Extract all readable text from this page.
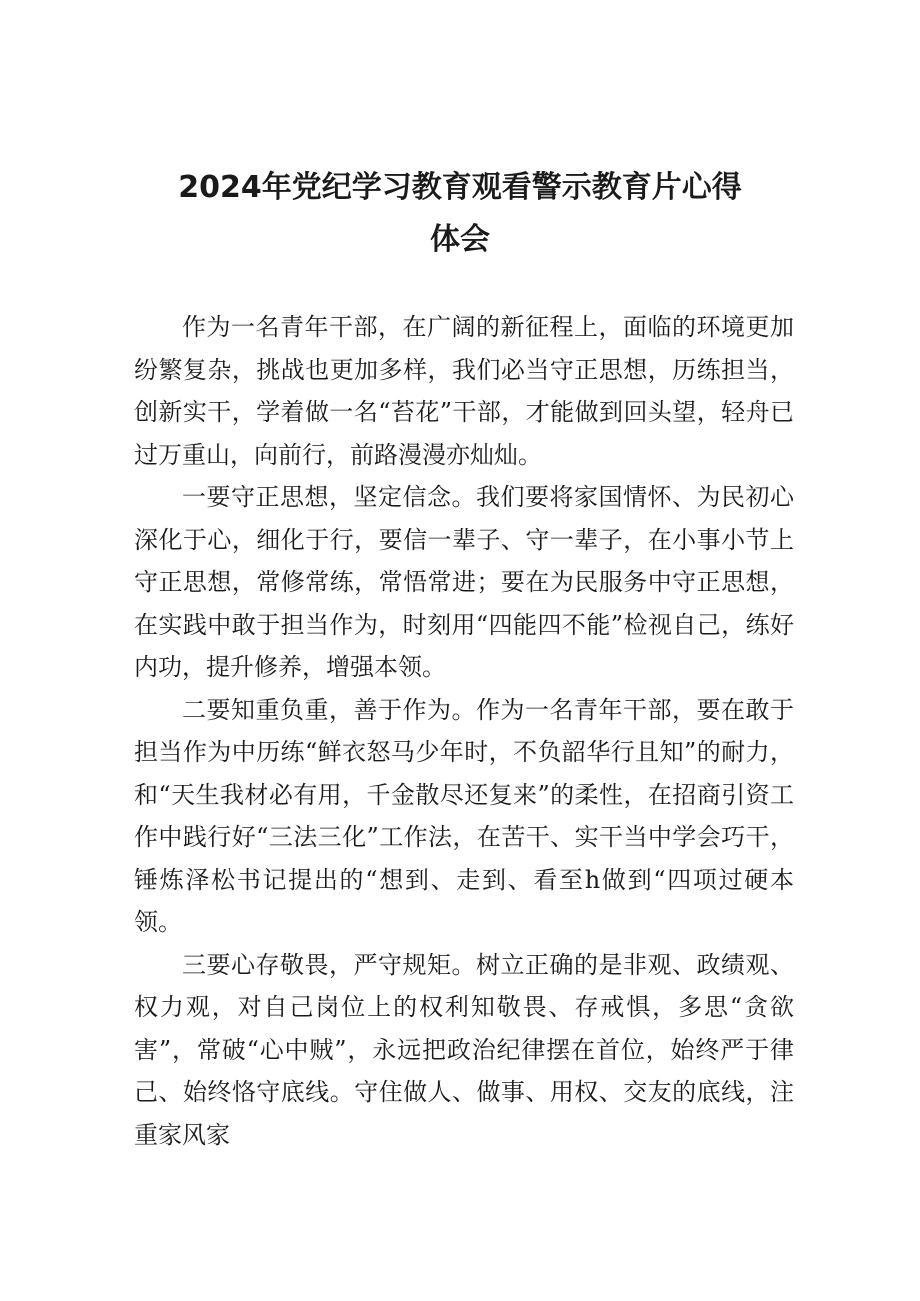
2024年党纪学习教育观看警示教育片心得
体会

作为一名青年干部，在广阔的新征程上，面临的环境更加纷繁复杂，挑战也更加多样，我们必当守正思想，历练担当，创新实干，学着做一名“苔花”干部，才能做到回头望，轻舟已过万重山，向前行，前路漫漫亦灿灿。

一要守正思想，坚定信念。我们要将家国情怀、为民初心深化于心，细化于行，要信一辈子、守一辈子，在小事小节上守正思想，常修常练，常悟常进；要在为民服务中守正思想，在实践中敢于担当作为，时刻用“四能四不能”检视自己，练好内功，提升修养，增强本领。

二要知重负重，善于作为。作为一名青年干部，要在敢于担当作为中历练“鲜衣怒马少年时，不负韶华行且知”的耐力，和“天生我材必有用，千金散尽还复来”的柔性，在招商引资工作中践行好“三法三化”工作法，在苦干、实干当中学会巧干，锤炼泽松书记提出的“想到、走到、看至h做到“四项过硬本领。

三要心存敬畏，严守规矩。树立正确的是非观、政绩观、权力观，对自己岗位上的权利知敬畏、存戒惧，多思“贪欲害”，常破“心中贼”，永远把政治纪律摆在首位，始终严于律己、始终恪守底线。守住做人、做事、用权、交友的底线，注重家风家
